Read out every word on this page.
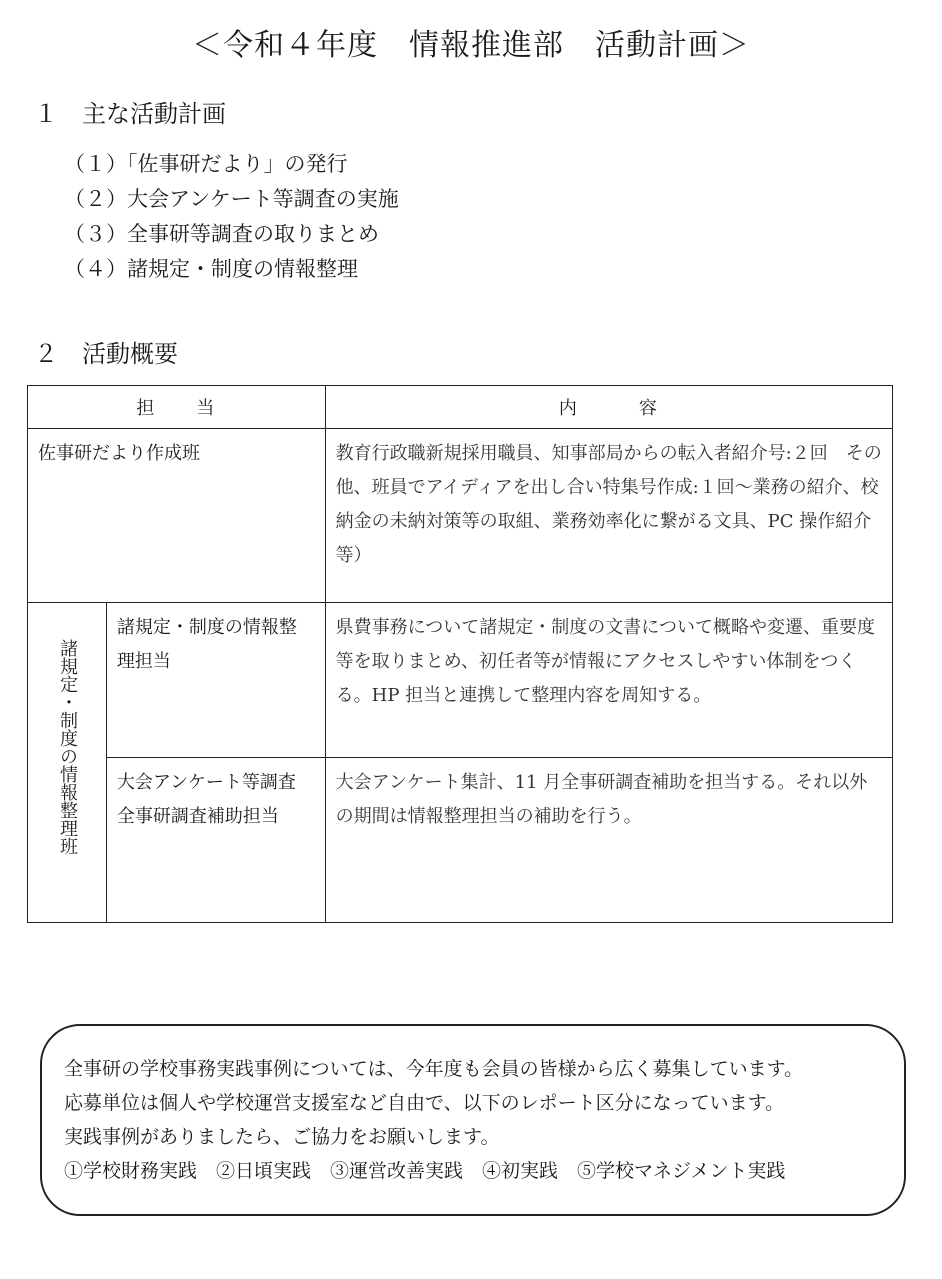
＜令和４年度　情報推進部　活動計画＞
１　主な活動計画
（１）「佐事研だより」の発行
（２）大会アンケート等調査の実施
（３）全事研等調査の取りまとめ
（４）諸規定・制度の情報整理
２　活動概要
担　　当		内　　　容

佐事研だより作成班		教育行政職新規採用職員、知事部局からの転入者紹介号:２回　その他、班員でアイディアを出し合い特集号作成:１回～業務の紹介、校納金の未納対策等の取組、業務効率化に繋がる文具、PC 操作紹介等）

諸規定・制度の情報整理班	諸規定・制度の情報整理担当	県費事務について諸規定・制度の文書について概略や変遷、重要度等を取りまとめ、初任者等が情報にアクセスしやすい体制をつくる。HP 担当と連携して整理内容を周知する。

	大会アンケート等調査全事研調査補助担当	大会アンケート集計、11 月全事研調査補助を担当する。それ以外の期間は情報整理担当の補助を行う。
全事研の学校事務実践事例については、今年度も会員の皆様から広く募集しています。
応募単位は個人や学校運営支援室など自由で、以下のレポート区分になっています。
実践事例がありましたら、ご協力をお願いします。
①学校財務実践　②日頃実践　③運営改善実践　④初実践　⑤学校マネジメント実践
